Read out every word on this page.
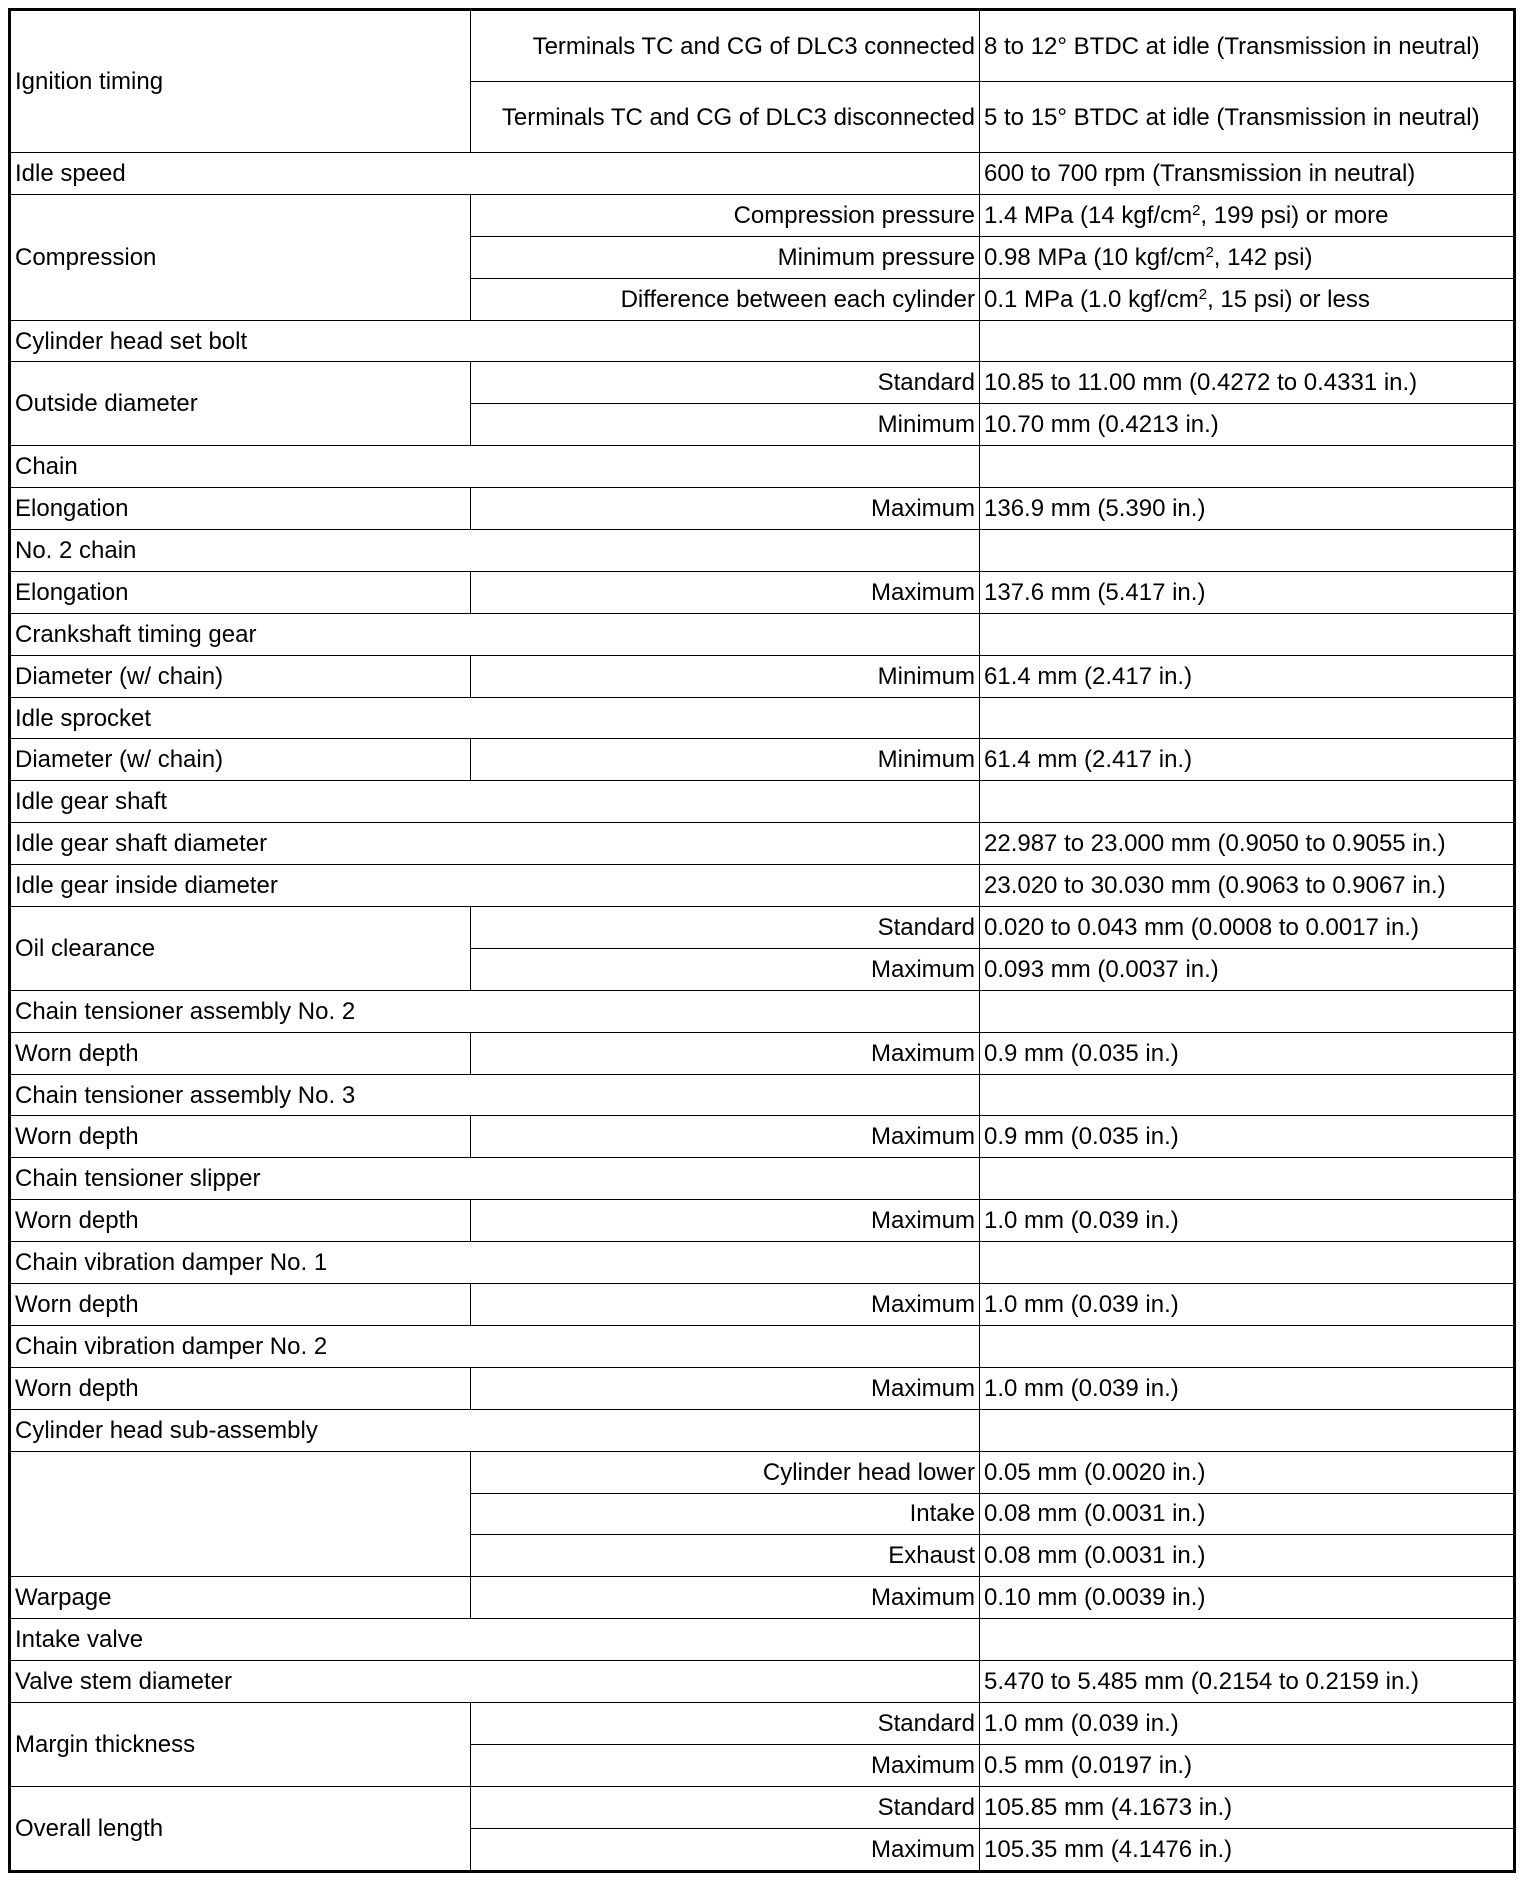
Ignition timing	Terminals TC and CG of DLC3 connected	8 to 12° BTDC at idle (Transmission in neutral)
	Terminals TC and CG of DLC3 disconnected	5 to 15° BTDC at idle (Transmission in neutral)
Idle speed		600 to 700 rpm (Transmission in neutral)
Compression	Compression pressure	1.4 MPa (14 kgf/$cm^2$, 199 psi) or more
	Minimum pressure	0.98 MPa (10 kgf/$cm^2$, 142 psi)
	Difference between each cylinder	0.1 MPa (1.0 kgf/$cm^2$, 15 psi) or less
Cylinder head set bolt		
Outside diameter	Standard	10.85 to 11.00 mm (0.4272 to 0.4331 in.)
	Minimum	10.70 mm (0.4213 in.)
Chain		
Elongation	Maximum	136.9 mm (5.390 in.)
No. 2 chain		
Elongation	Maximum	137.6 mm (5.417 in.)
Crankshaft timing gear		
Diameter (w/ chain)	Minimum	61.4 mm (2.417 in.)
Idle sprocket		
Diameter (w/ chain)	Minimum	61.4 mm (2.417 in.)
Idle gear shaft		
Idle gear shaft diameter		22.987 to 23.000 mm (0.9050 to 0.9055 in.)
Idle gear inside diameter		23.020 to 30.030 mm (0.9063 to 0.9067 in.)
Oil clearance	Standard	0.020 to 0.043 mm (0.0008 to 0.0017 in.)
	Maximum	0.093 mm (0.0037 in.)
Chain tensioner assembly No. 2		
Worn depth	Maximum	0.9 mm (0.035 in.)
Chain tensioner assembly No. 3		
Worn depth	Maximum	0.9 mm (0.035 in.)
Chain tensioner slipper		
Worn depth	Maximum	1.0 mm (0.039 in.)
Chain vibration damper No. 1		
Worn depth	Maximum	1.0 mm (0.039 in.)
Chain vibration damper No. 2		
Worn depth	Maximum	1.0 mm (0.039 in.)
Cylinder head sub-assembly		
	Cylinder head lower	0.05 mm (0.0020 in.)
	Intake	0.08 mm (0.0031 in.)
	Exhaust	0.08 mm (0.0031 in.)
Warpage	Maximum	0.10 mm (0.0039 in.)
Intake valve		
Valve stem diameter		5.470 to 5.485 mm (0.2154 to 0.2159 in.)
Margin thickness	Standard	1.0 mm (0.039 in.)
	Maximum	0.5 mm (0.0197 in.)
Overall length	Standard	105.85 mm (4.1673 in.)
	Maximum	105.35 mm (4.1476 in.)
